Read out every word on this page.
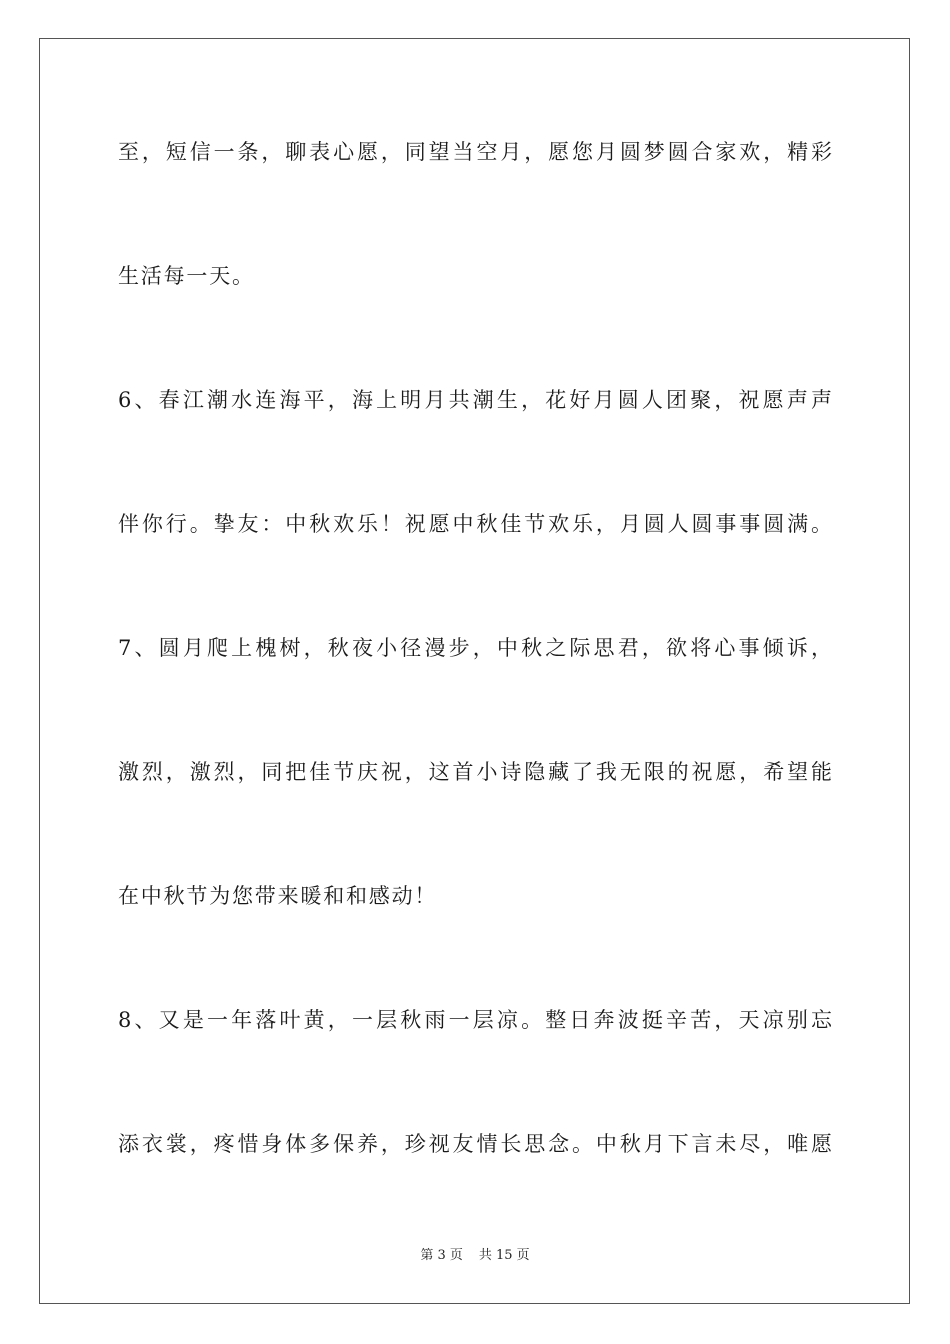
至，短信一条，聊表心愿，同望当空月，愿您月圆梦圆合家欢，精彩
生活每一天。
6、春江潮水连海平，海上明月共潮生，花好月圆人团聚，祝愿声声
伴你行。挚友：中秋欢乐！祝愿中秋佳节欢乐，月圆人圆事事圆满。
7、圆月爬上槐树，秋夜小径漫步，中秋之际思君，欲将心事倾诉，
激烈，激烈，同把佳节庆祝，这首小诗隐藏了我无限的祝愿，希望能
在中秋节为您带来暖和和感动！
8、又是一年落叶黄，一层秋雨一层凉。整日奔波挺辛苦，天凉别忘
添衣裳，疼惜身体多保养，珍视友情长思念。中秋月下言未尽，唯愿
第 3 页 共 15 页
